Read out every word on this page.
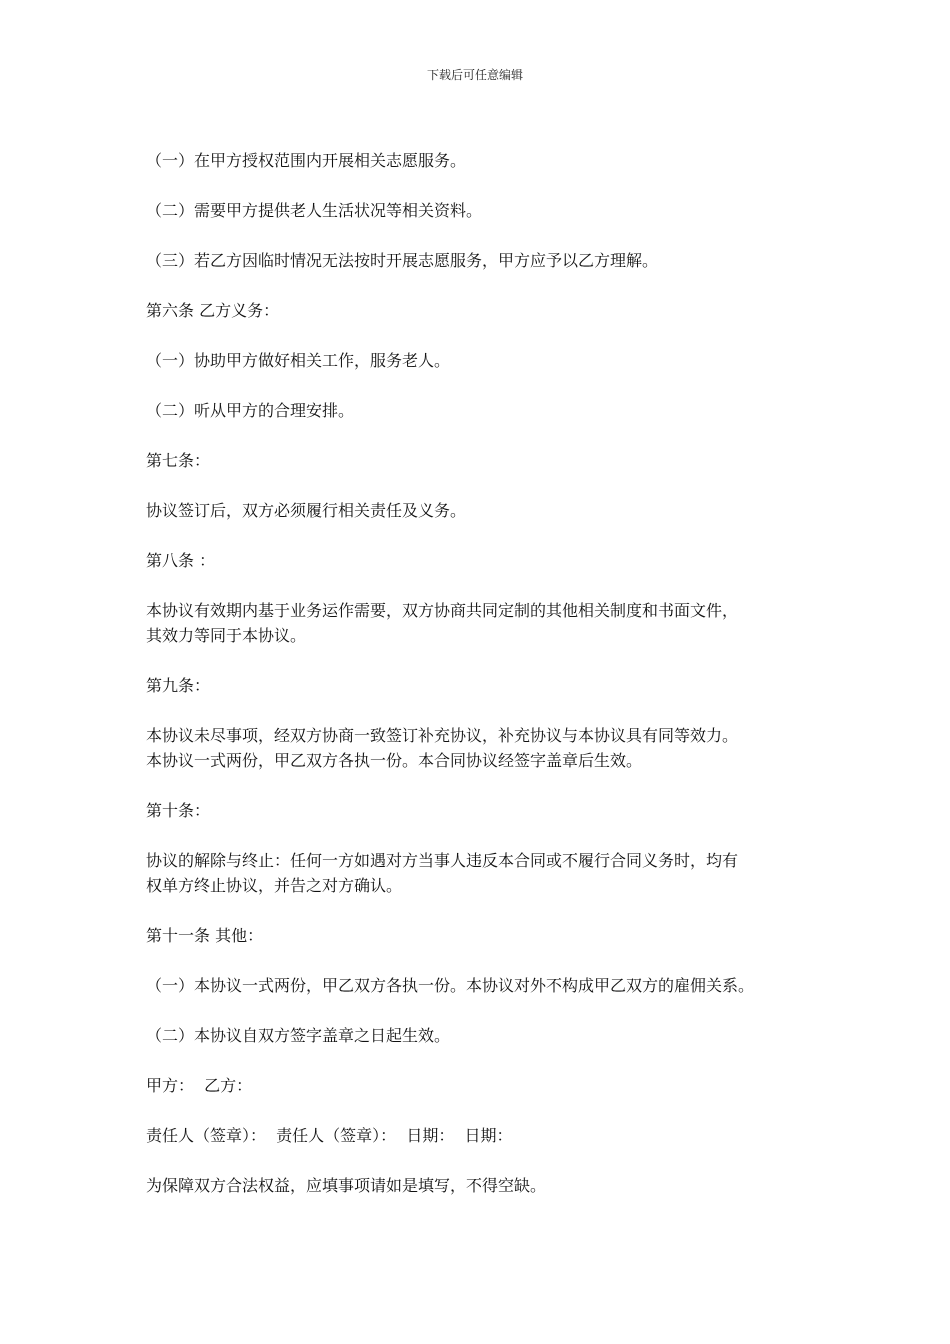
下载后可任意编辑

（一）在甲方授权范围内开展相关志愿服务。

（二）需要甲方提供老人生活状况等相关资料。

（三）若乙方因临时情况无法按时开展志愿服务，甲方应予以乙方理解。

第六条 乙方义务：

（一）协助甲方做好相关工作，服务老人。

（二）听从甲方的合理安排。

第七条：

协议签订后，双方必须履行相关责任及义务。

第八条 ：

本协议有效期内基于业务运作需要，双方协商共同定制的其他相关制度和书面文件，
其效力等同于本协议。

第九条：

本协议未尽事项，经双方协商一致签订补充协议，补充协议与本协议具有同等效力。
本协议一式两份，甲乙双方各执一份。本合同协议经签字盖章后生效。

第十条：

协议的解除与终止：任何一方如遇对方当事人违反本合同或不履行合同义务时，均有
权单方终止协议，并告之对方确认。

第十一条 其他：

（一）本协议一式两份，甲乙双方各执一份。本协议对外不构成甲乙双方的雇佣关系。

（二）本协议自双方签字盖章之日起生效。

甲方：  乙方：

责任人（签章）：  责任人（签章）：  日期：  日期：

为保障双方合法权益，应填事项请如是填写，不得空缺。
